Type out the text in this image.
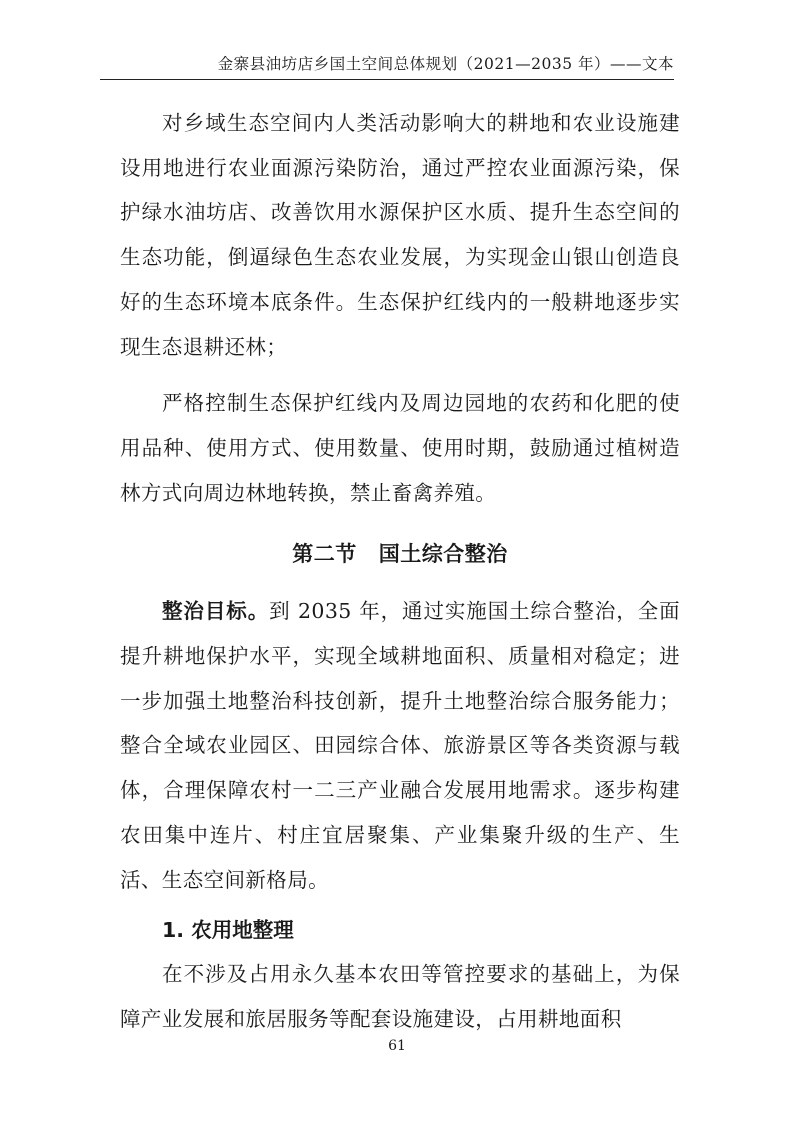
金寨县油坊店乡国土空间总体规划（2021—2035 年）——文本

对乡域生态空间内人类活动影响大的耕地和农业设施建设用地进行农业面源污染防治，通过严控农业面源污染，保护绿水油坊店、改善饮用水源保护区水质、提升生态空间的生态功能，倒逼绿色生态农业发展，为实现金山银山创造良好的生态环境本底条件。生态保护红线内的一般耕地逐步实现生态退耕还林；

严格控制生态保护红线内及周边园地的农药和化肥的使用品种、使用方式、使用数量、使用时期，鼓励通过植树造林方式向周边林地转换，禁止畜禽养殖。

第二节 国土综合整治

整治目标。到 2035 年，通过实施国土综合整治，全面提升耕地保护水平，实现全域耕地面积、质量相对稳定；进一步加强土地整治科技创新，提升土地整治综合服务能力；整合全域农业园区、田园综合体、旅游景区等各类资源与载体，合理保障农村一二三产业融合发展用地需求。逐步构建农田集中连片、村庄宜居聚集、产业集聚升级的生产、生活、生态空间新格局。

1. 农用地整理

在不涉及占用永久基本农田等管控要求的基础上，为保障产业发展和旅居服务等配套设施建设，占用耕地面积

61
